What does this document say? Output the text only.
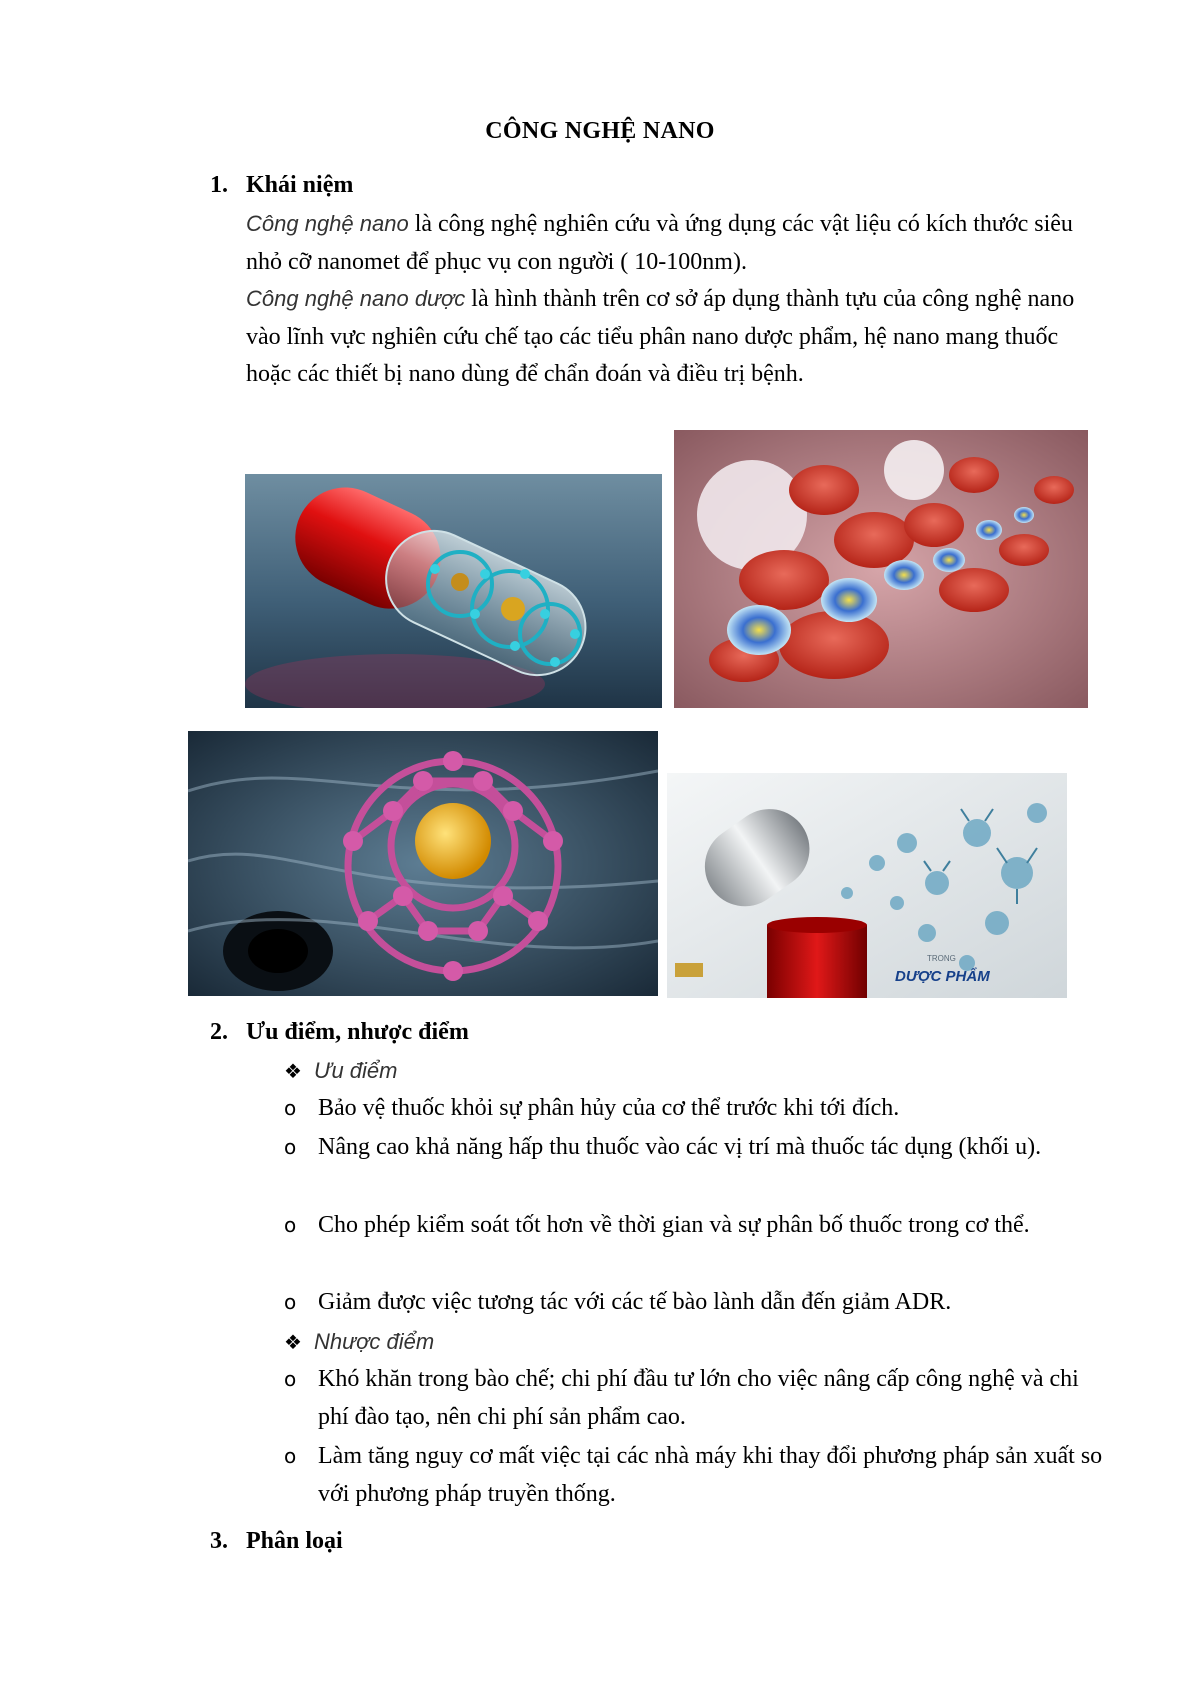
CÔNG NGHỆ NANO
1. Khái niệm
Công nghệ nano là công nghệ nghiên cứu và ứng dụng các vật liệu có kích thước siêu nhỏ cỡ nanomet để phục vụ con người ( 10-100nm).
Công nghệ nano dược là hình thành trên cơ sở áp dụng thành tựu của công nghệ nano vào lĩnh vực nghiên cứu chế tạo các tiểu phân nano dược phẩm, hệ nano mang thuốc hoặc các thiết bị nano dùng để chẩn đoán và điều trị bệnh.
TRONG
DƯỢC PHẨM
2. Ưu điểm, nhược điểm
❖ Ưu điểm
o Bảo vệ thuốc khỏi sự phân hủy của cơ thể trước khi tới đích.
o Nâng cao khả năng hấp thu thuốc vào các vị trí mà thuốc tác dụng (khối u).
o Cho phép kiểm soát tốt hơn về thời gian và sự phân bố thuốc trong cơ thể.
o Giảm được việc tương tác với các tế bào lành dẫn đến giảm ADR.
❖ Nhược điểm
o Khó khăn trong bào chế; chi phí đầu tư lớn cho việc nâng cấp công nghệ và chi phí đào tạo, nên chi phí sản phẩm cao.
o Làm tăng nguy cơ mất việc tại các nhà máy khi thay đổi phương pháp sản xuất so với phương pháp truyền thống.
3. Phân loại
